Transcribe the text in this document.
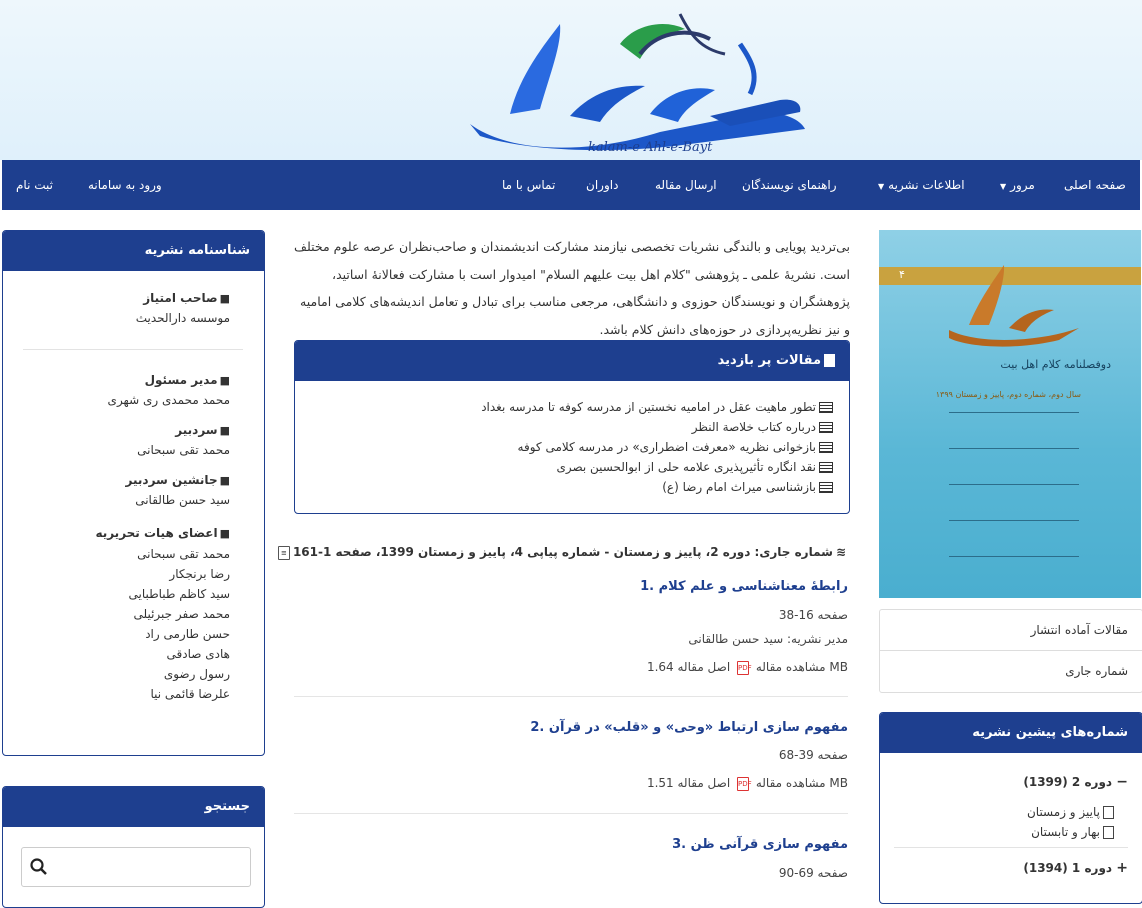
kalam-e Ahl-e-Bayt
صفحه اصلی
▼ مرور
▼ اطلاعات نشریه
راهنمای نویسندگان
ارسال مقاله
داوران
تماس با ما
ورود به سامانه
ثبت نام
۴
دوفصلنامه کلام اهل بیت
سال دوم، شماره دوم، پاییز و زمستان ۱۳۹۹
مقالات آماده انتشار
شماره جاری
شماره‌های پیشین نشریه
دوره 2 (1399) −
پاییز و زمستان
بهار و تابستان
دوره 1 (1394) +
شناسنامه نشریه
صاحب امتیاز ■
موسسه دارالحدیث
مدیر مسئول ■
محمد محمدی ری شهری
سردبیر ■
محمد تقی سبحانی
جانشین سردبیر ■
سید حسن طالقانی
اعضای هیات تحریریه ■
محمد تقی سبحانی
رضا برنجکار
سید کاظم طباطبایی
محمد صفر جبرئیلی
حسن طارمی راد
هادی صادقی
رسول رضوی
علرضا قائمی نیا
جستجو
بی‌تردید پویایی و بالندگی نشریات تخصصی نیازمند مشارکت اندیشمندان و صاحب‌نظران عرصه علوم مختلف است. نشریهٔ علمی ـ پژوهشی "کلام اهل بیت علیهم السلام" امیدوار است با مشارکت فعالانهٔ اساتید، پژوهشگران و نویسندگان حوزوی و دانشگاهی، مرجعی مناسب برای تبادل و تعامل اندیشه‌های کلامی امامیه و نیز نظریه‌پردازی در حوزه‌های دانش کلام باشد.
مقالات پر بازدید
تطور ماهیت عقل در امامیه نخستین از مدرسه کوفه تا مدرسه بغداد
درباره کتاب خلاصة النظر
بازخوانی نظریه «معرفت اضطراری» در مدرسه کلامی کوفه
نقد انگاره تأثیرپذیری علامه حلی از ابوالحسین بصری
بازشناسی میراث امام رضا (ع)
≡ شماره جاری: دوره 2، پاییز و زمستان - شماره پیاپی 4، پاییز و زمستان 1399، صفحه 1-161 ≋
1. رابطهٔ معناشناسی و علم کلام
صفحه 16-38
مدیر نشریه: سید حسن طالقانی
مشاهده مقاله PDF اصل مقاله 1.64 MB
2. مفهوم سازی ارتباط «وحی» و «قلب» در قرآن
صفحه 39-68
مشاهده مقاله PDF اصل مقاله 1.51 MB
3. مفهوم سازی قرآنی ظن
صفحه 69-90
